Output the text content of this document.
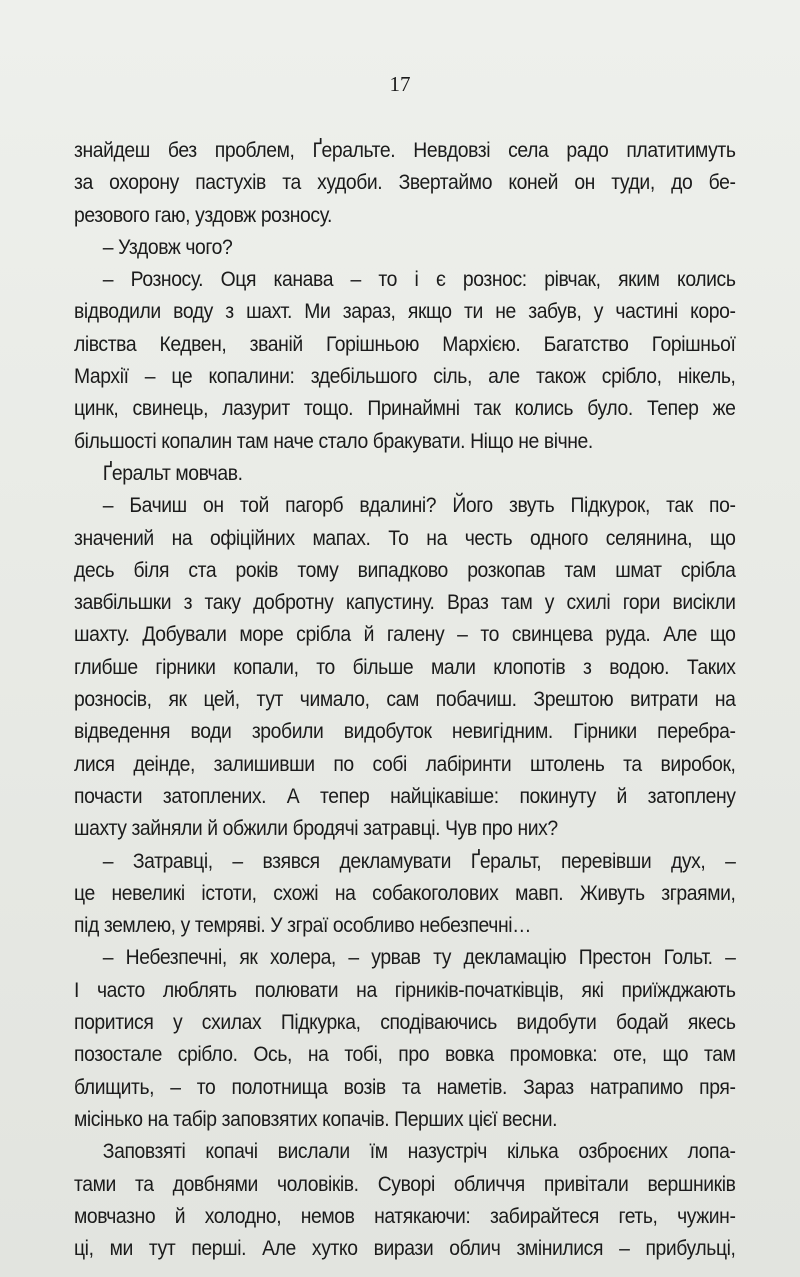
17
знайдеш без проблем, Ґеральте. Невдовзі села радо платитимуть
за охорону пастухів та худоби. Звертаймо коней он туди, до бе-
резового гаю, уздовж розносу.
– Уздовж чого?
– Розносу. Оця канава – то і є рознос: рівчак, яким колись
відводили воду з шахт. Ми зараз, якщо ти не забув, у частині коро-
лівства Кедвен, званій Горішньою Мархією. Багатство Горішньої
Мархії – це копалини: здебільшого сіль, але також срібло, нікель,
цинк, свинець, лазурит тощо. Принаймні так колись було. Тепер же
більшості копалин там наче стало бракувати. Ніщо не вічне.
Ґеральт мовчав.
– Бачиш он той пагорб вдалині? Його звуть Підкурок, так по-
значений на офіційних мапах. То на честь одного селянина, що
десь біля ста років тому випадково розкопав там шмат срібла
завбільшки з таку добротну капустину. Враз там у схилі гори висікли
шахту. Добували море срібла й галену – то свинцева руда. Але що
глибше гірники копали, то більше мали клопотів з водою. Таких
розносів, як цей, тут чимало, сам побачиш. Зрештою витрати на
відведення води зробили видобуток невигідним. Гірники перебра-
лися деінде, залишивши по собі лабіринти штолень та виробок,
почасти затоплених. А тепер найцікавіше: покинуту й затоплену
шахту зайняли й обжили бродячі затравці. Чув про них?
– Затравці, – взявся декламувати Ґеральт, перевівши дух, –
це невеликі істоти, схожі на собакоголових мавп. Живуть зграями,
під землею, у темряві. У зграї особливо небезпечні…
– Небезпечні, як холера, – урвав ту декламацію Престон Гольт. –
І часто люблять полювати на гірників-початківців, які приїжджають
поритися у схилах Підкурка, сподіваючись видобути бодай якесь
позостале срібло. Ось, на тобі, про вовка промовка: оте, що там
блищить, – то полотнища возів та наметів. Зараз натрапимо пря-
місінько на табір заповзятих копачів. Перших цієї весни.
Заповзяті копачі вислали їм назустріч кілька озброєних лопа-
тами та довбнями чоловіків. Суворі обличчя привітали вершників
мовчазно й холодно, немов натякаючи: забирайтеся геть, чужин-
ці, ми тут перші. Але хутко вирази облич змінилися – прибульці,
